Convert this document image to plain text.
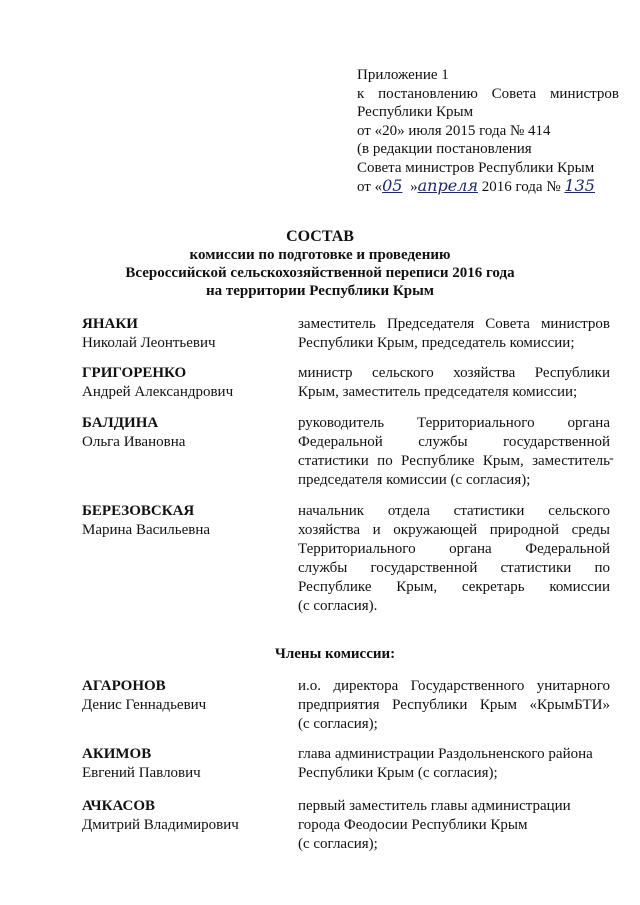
Приложение 1
к постановлению Совета министров
Республики Крым
от «20» июля 2015 года № 414
(в редакции постановления
Совета министров Республики Крым
от «05 »апреля 2016 года № 135
СОСТАВ
комиссии по подготовке и проведению
Всероссийской сельскохозяйственной переписи 2016 года
на территории Республики Крым
ЯНАКИ
Николай Леонтьевич
заместитель Председателя Совета министров
Республики Крым, председатель комиссии;
ГРИГОРЕНКО
Андрей Александрович
министр сельского хозяйства Республики
Крым, заместитель председателя комиссии;
БАЛДИНА
Ольга Ивановна
руководитель Территориального органа
Федеральной службы государственной
статистики по Республике Крым, заместитель
председателя комиссии (с согласия);
-
БЕРЕЗОВСКАЯ
Марина Васильевна
начальник отдела статистики сельского
хозяйства и окружающей природной среды
Территориального органа Федеральной
службы государственной статистики по
Республике Крым, секретарь комиссии
(с согласия).
Члены комиссии:
АГАРОНОВ
Денис Геннадьевич
и.о. директора Государственного унитарного
предприятия Республики Крым «КрымБТИ»
(с согласия);
АКИМОВ
Евгений Павлович
глава администрации Раздольненского района
Республики Крым (с согласия);
АЧКАСОВ
Дмитрий Владимирович
первый заместитель главы администрации
города Феодосии Республики Крым
(с согласия);
